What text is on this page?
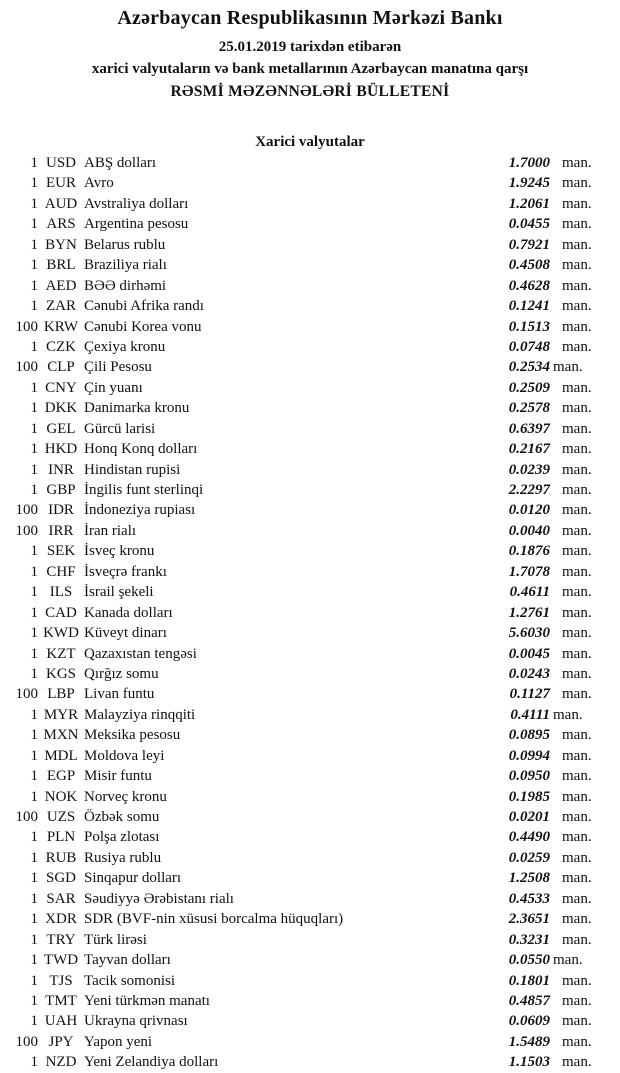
Azərbaycan Respublikasının Mərkəzi Bankı
25.01.2019 tarixdən etibarən
xarici valyutaların və bank metallarının Azərbaycan manatına qarşı
RƏSMİ MƏZƏNNƏLƏRİ BÜLLETENİ
Xarici valyutalar
1 USD ABŞ dolları	1.7000 man.
1 EUR Avro	1.9245 man.
1 AUD Avstraliya dolları	1.2061 man.
1 ARS Argentina pesosu	0.0455 man.
1 BYN Belarus rublu	0.7921 man.
1 BRL Braziliya rialı	0.4508 man.
1 AED BƏƏ dirhəmi	0.4628 man.
1 ZAR Cənubi Afrika randı	0.1241 man.
100 KRW Cənubi Korea vonu	0.1513 man.
1 CZK Çexiya kronu	0.0748 man.
100 CLP Çili Pesosu	0.2534 man.
1 CNY Çin yuanı	0.2509 man.
1 DKK Danimarka kronu	0.2578 man.
1 GEL Gürcü larisi	0.6397 man.
1 HKD Honq Konq dolları	0.2167 man.
1 INR Hindistan rupisi	0.0239 man.
1 GBP İngilis funt sterlinqi	2.2297 man.
100 IDR İndoneziya rupiası	0.0120 man.
100 IRR İran rialı	0.0040 man.
1 SEK İsveç kronu	0.1876 man.
1 CHF İsveçrə frankı	1.7078 man.
1 ILS İsrail şekeli	0.4611 man.
1 CAD Kanada dolları	1.2761 man.
1 KWD Küveyt dinarı	5.6030 man.
1 KZT Qazaxıstan tengəsi	0.0045 man.
1 KGS Qırğız somu	0.0243 man.
100 LBP Livan funtu	0.1127 man.
1 MYR Malayziya rinqqiti	0.4111 man.
1 MXN Meksika pesosu	0.0895 man.
1 MDL Moldova leyi	0.0994 man.
1 EGP Misir funtu	0.0950 man.
1 NOK Norveç kronu	0.1985 man.
100 UZS Özbək somu	0.0201 man.
1 PLN Polşa zlotası	0.4490 man.
1 RUB Rusiya rublu	0.0259 man.
1 SGD Sinqapur dolları	1.2508 man.
1 SAR Səudiyyə Ərəbistanı rialı	0.4533 man.
1 XDR SDR (BVF-nin xüsusi borcalma hüquqları)	2.3651 man.
1 TRY Türk lirəsi	0.3231 man.
1 TWD Tayvan dolları	0.0550 man.
1 TJS Tacik somonisi	0.1801 man.
1 TMT Yeni türkmən manatı	0.4857 man.
1 UAH Ukrayna qrivnası	0.0609 man.
100 JPY Yapon yeni	1.5489 man.
1 NZD Yeni Zelandiya dolları	1.1503 man.
